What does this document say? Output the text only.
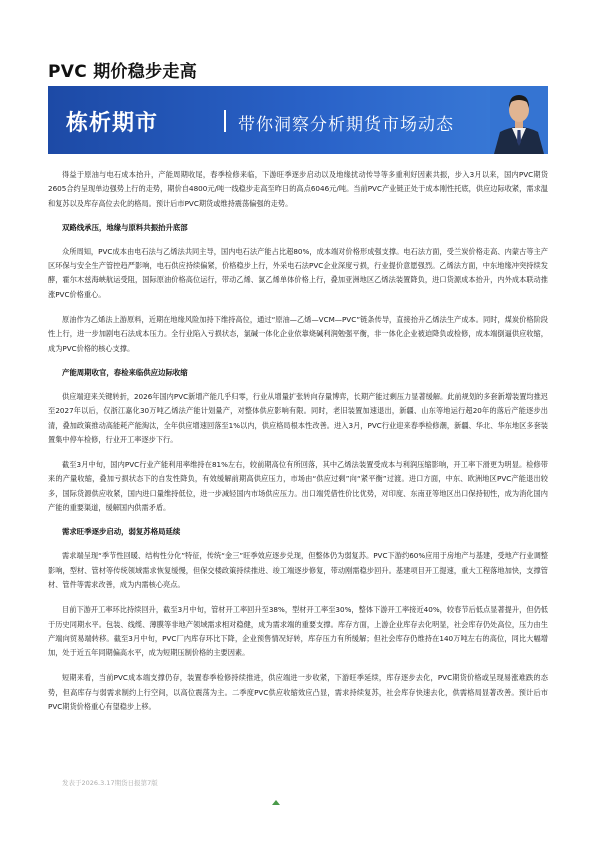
PVC 期价稳步走高
栋析期市	带你洞察分析期货市场动态

得益于原油与电石成本抬升，产能周期收尾，春季检修来临，下游旺季逐步启动以及地缘扰动传导等多重利好因素共振，步入3月以来，国内PVC期货2605合约呈现单边强势上行的走势，期价自4800元/吨一线稳步走高至昨日的高点6046元/吨。当前PVC产业链正处于成本刚性托底，供应边际收紧，需求温和复苏以及库存高位去化的格局。预计后市PVC期货或维持震荡偏强的走势。

双路线承压，地缘与原料共振抬升底部

众所周知，PVC成本由电石法与乙烯法共同主导，国内电石法产能占比超80%，成本端对价格形成强支撑。电石法方面，受兰炭价格走高、内蒙古等主产区环保与安全生产管控趋严影响，电石供应持续偏紧，价格稳步上行，外采电石法PVC企业深度亏损，行业提价意愿强烈。乙烯法方面，中东地缘冲突持续发酵，霍尔木兹海峡航运受阻，国际原油价格高位运行，带动乙烯、氯乙烯单体价格上行，叠加亚洲地区乙烯法装置降负，进口货源成本抬升，内外成本联动推涨PVC价格重心。

原油作为乙烯法上游原料，近期在地缘风险加持下维持高位，通过“原油—乙烯—VCM—PVC”链条传导，直接抬升乙烯法生产成本。同时，煤炭价格阶段性上行，进一步加剧电石法成本压力。全行业陷入亏损状态，氯碱一体化企业依靠烧碱利润勉强平衡，非一体化企业被迫降负或检修，成本端倒逼供应收缩，成为PVC价格的核心支撑。

产能周期收官，春检来临供应边际收缩

供应端迎来关键转折，2026年国内PVC新增产能几乎归零，行业从增量扩张转向存量博弈，长期产能过剩压力显著缓解。此前规划的多套新增装置均推迟至2027年以后，仅浙江嘉化30万吨乙烯法产能计划量产，对整体供应影响有限。同时，老旧装置加速退出，新疆、山东等地运行超20年的落后产能逐步出清，叠加政策推动高能耗产能淘汰，全年供应增速回落至1%以内，供应格局根本性改善。进入3月，PVC行业迎来春季检修潮，新疆、华北、华东地区多套装置集中停车检修，行业开工率逐步下行。

截至3月中旬，国内PVC行业产能利用率维持在81%左右，较前期高位有所回落，其中乙烯法装置受成本与利润压缩影响，开工率下滑更为明显。检修带来的产量收缩，叠加亏损状态下的自发性降负，有效缓解前期高供应压力，市场由“供应过剩”向“紧平衡”过渡。进口方面，中东、欧洲地区PVC产能退出较多，国际货源供应收紧，国内进口量维持低位，进一步减轻国内市场供应压力。出口端凭借性价比优势，对印度、东南亚等地区出口保持韧性，成为消化国内产能的重要渠道，缓解国内供需矛盾。

需求旺季逐步启动，弱复苏格局延续

需求端呈现“季节性回暖、结构性分化”特征，传统“金三”旺季效应逐步兑现，但整体仍为弱复苏。PVC下游约60%应用于房地产与基建，受地产行业调整影响，型材、管材等传统领域需求恢复缓慢，但保交楼政策持续推进、竣工端逐步修复，带动刚需稳步回升。基建项目开工提速，重大工程落地加快，支撑管材、管件等需求改善，成为内需核心亮点。

目前下游开工率环比持续回升，截至3月中旬，管材开工率回升至38%，型材开工率至30%，整体下游开工率接近40%，较春节后低点显著提升，但仍低于历史同期水平。包装、线缆、薄膜等非地产领域需求相对稳健，成为需求端的重要支撑。库存方面，上游企业库存去化明显，社会库存仍处高位，压力由生产端向贸易端转移。截至3月中旬，PVC厂内库存环比下降，企业预售情况好转，库存压力有所缓解；但社会库存仍维持在140万吨左右的高位，同比大幅增加，处于近五年同期偏高水平，成为短期压制价格的主要因素。

短期来看，当前PVC成本端支撑仍存，装置春季检修持续推进，供应端进一步收紧，下游旺季延续，库存逐步去化，PVC期货价格或呈现易涨难跌的态势，但高库存与弱需求制约上行空间，以高位震荡为主。二季度PVC供应收缩效应凸显，需求持续复苏，社会库存快速去化，供需格局显著改善。预计后市PVC期货价格重心有望稳步上移。

发表于2026.3.17期货日报第7版
